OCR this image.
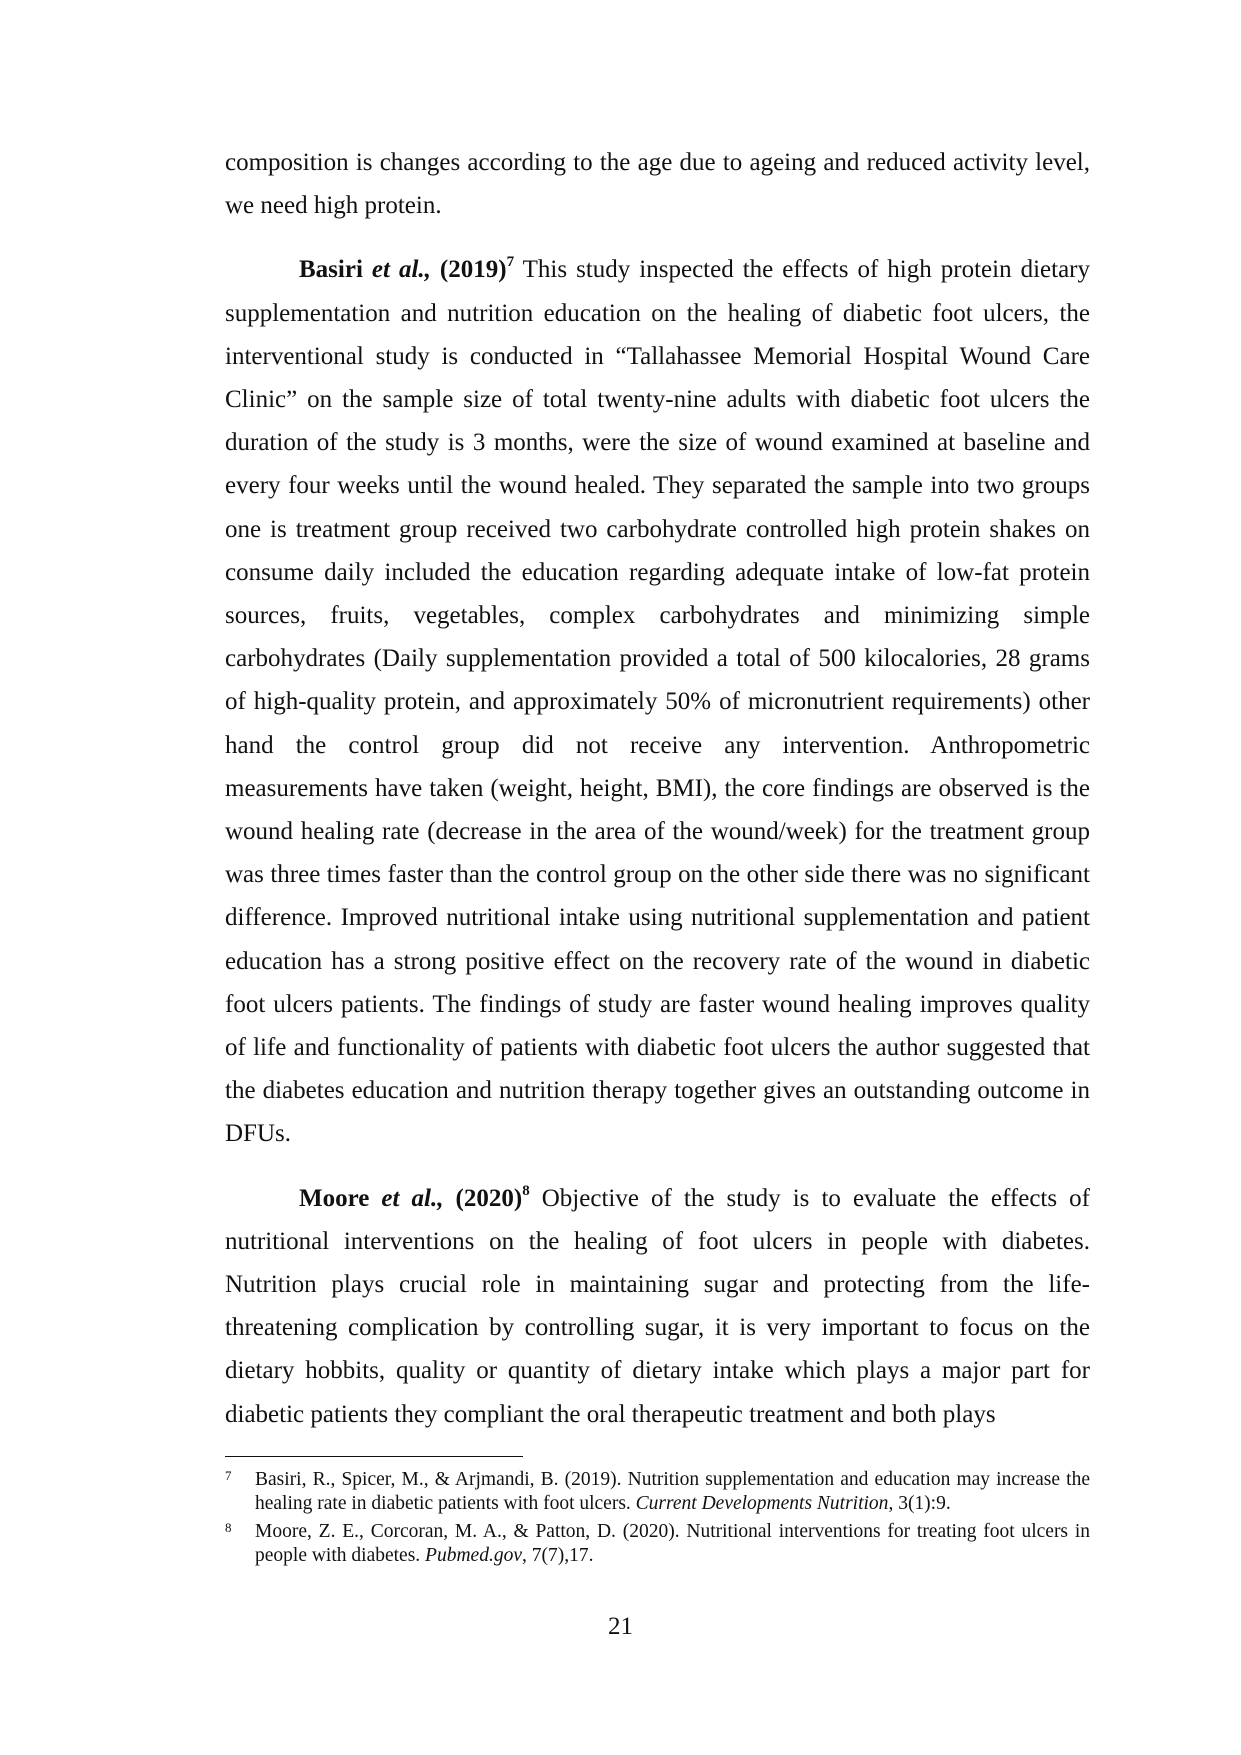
composition is changes according to the age due to ageing and reduced activity level, we need high protein.

Basiri et al., $(2019)^7$ This study inspected the effects of high protein dietary supplementation and nutrition education on the healing of diabetic foot ulcers, the interventional study is conducted in “Tallahassee Memorial Hospital Wound Care Clinic” on the sample size of total twenty-nine adults with diabetic foot ulcers the duration of the study is 3 months, were the size of wound examined at baseline and every four weeks until the wound healed. They separated the sample into two groups one is treatment group received two carbohydrate controlled high protein shakes on consume daily included the education regarding adequate intake of low-fat protein sources, fruits, vegetables, complex carbohydrates and minimizing simple carbohydrates (Daily supplementation provided a total of 500 kilocalories, 28 grams of high-quality protein, and approximately 50% of micronutrient requirements) other hand the control group did not receive any intervention. Anthropometric measurements have taken (weight, height, BMI), the core findings are observed is the wound healing rate (decrease in the area of the wound/week) for the treatment group was three times faster than the control group on the other side there was no significant difference. Improved nutritional intake using nutritional supplementation and patient education has a strong positive effect on the recovery rate of the wound in diabetic foot ulcers patients. The findings of study are faster wound healing improves quality of life and functionality of patients with diabetic foot ulcers the author suggested that the diabetes education and nutrition therapy together gives an outstanding outcome in DFUs.

Moore et al., $(2020)^8$ Objective of the study is to evaluate the effects of nutritional interventions on the healing of foot ulcers in people with diabetes. Nutrition plays crucial role in maintaining sugar and protecting from the life-threatening complication by controlling sugar, it is very important to focus on the dietary hobbits, quality or quantity of dietary intake which plays a major part for diabetic patients they compliant the oral therapeutic treatment and both plays

7	Basiri, R., Spicer, M., & Arjmandi, B. (2019). Nutrition supplementation and education may increase the healing rate in diabetic patients with foot ulcers. Current Developments Nutrition, 3(1):9.
8	Moore, Z. E., Corcoran, M. A., & Patton, D. (2020). Nutritional interventions for treating foot ulcers in people with diabetes. Pubmed.gov, 7(7),17.
21
